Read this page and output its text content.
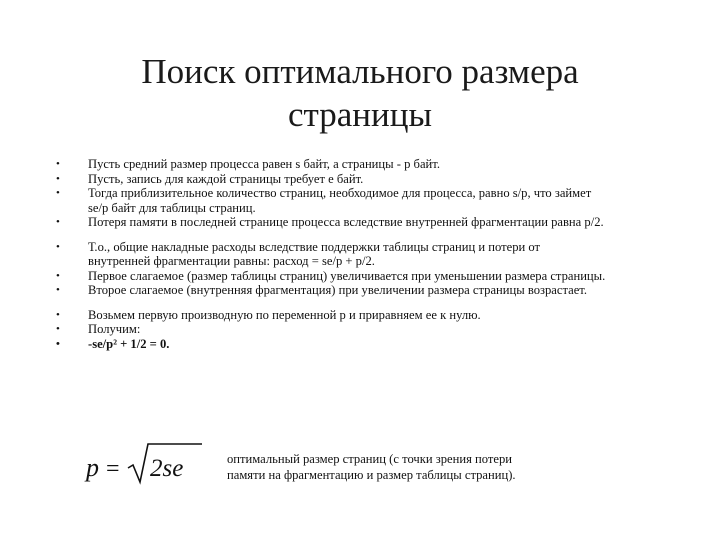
Поиск оптимального размера
страницы
• Пусть средний размер процесса равен s байт, а страницы - p байт.
• Пусть, запись для каждой страницы требует e байт.
• Тогда приблизительное количество страниц, необходимое для процесса, равно s/p, что займет
se/p байт для таблицы страниц.
• Потеря памяти в последней странице процесса вследствие внутренней фрагментации равна p/2.
• Т.о., общие накладные расходы вследствие поддержки таблицы страниц и потери от
внутренней фрагментации равны: расход = se/p + p/2.
• Первое слагаемое (размер таблицы страниц) увеличивается при уменьшении размера страницы.
• Второе слагаемое (внутренняя фрагментация) при увеличении размера страницы возрастает.
• Возьмем первую производную по переменной p и приравняем ее к нулю.
• Получим:
• -se/p² + 1/2 = 0.
p = 2se	оптимальный размер страниц (с точки зрения потери
памяти на фрагментацию и размер таблицы страниц).
